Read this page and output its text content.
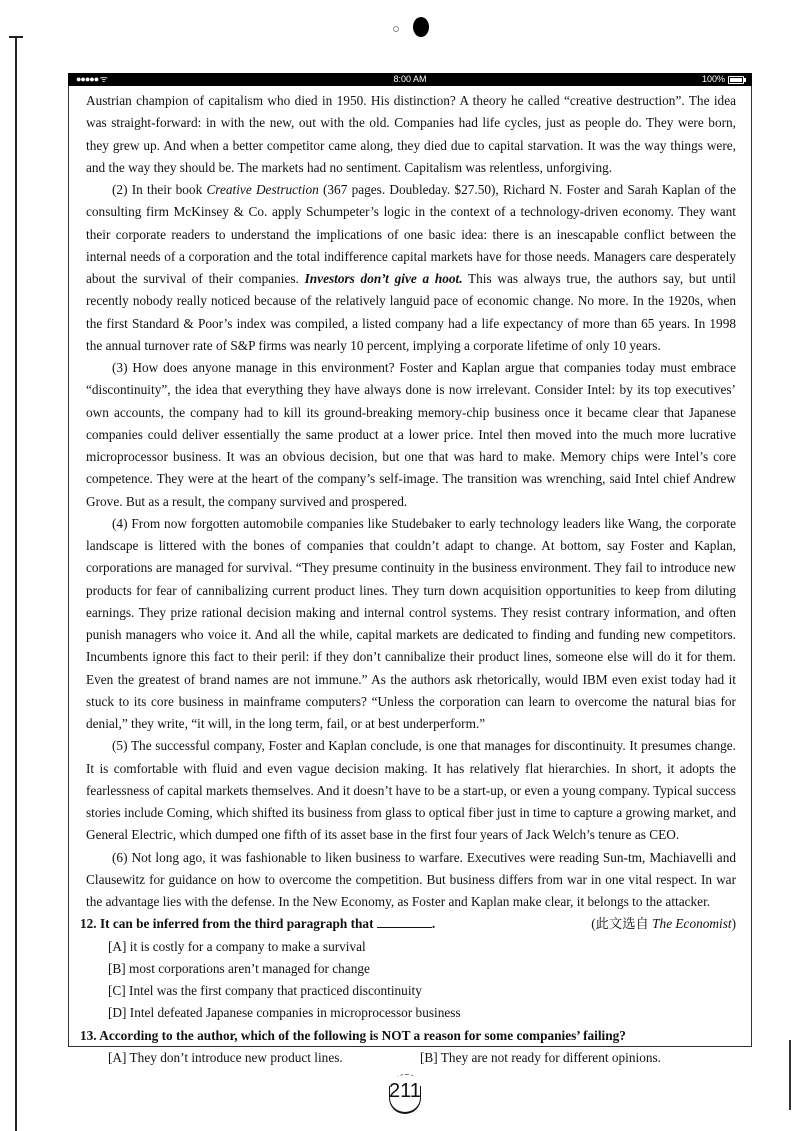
●●●●● ᯤ	8:00 AM	100%

Austrian champion of capitalism who died in 1950. His distinction? A theory he called “creative destruction”. The idea was straight-forward: in with the new, out with the old. Companies had life cycles, just as people do. They were born, they grew up. And when a better competitor came along, they died due to capital starvation. It was the way things were, and the way they should be. The markets had no sentiment. Capitalism was relentless, unforgiving.

(2) In their book Creative Destruction (367 pages. Doubleday. $27.50), Richard N. Foster and Sarah Kaplan of the consulting firm McKinsey & Co. apply Schumpeter’s logic in the context of a technology-driven economy. They want their corporate readers to understand the implications of one basic idea: there is an inescapable conflict between the internal needs of a corporation and the total indifference capital markets have for those needs. Managers care desperately about the survival of their companies. Investors don’t give a hoot. This was always true, the authors say, but until recently nobody really noticed because of the relatively languid pace of economic change. No more. In the 1920s, when the first Standard & Poor’s index was compiled, a listed company had a life expectancy of more than 65 years. In 1998 the annual turnover rate of S&P firms was nearly 10 percent, implying a corporate lifetime of only 10 years.

(3) How does anyone manage in this environment? Foster and Kaplan argue that companies today must embrace “discontinuity”, the idea that everything they have always done is now irrelevant. Consider Intel: by its top executives’ own accounts, the company had to kill its ground-breaking memory-chip business once it became clear that Japanese companies could deliver essentially the same product at a lower price. Intel then moved into the much more lucrative microprocessor business. It was an obvious decision, but one that was hard to make. Memory chips were Intel’s core competence. They were at the heart of the company’s self-image. The transition was wrenching, said Intel chief Andrew Grove. But as a result, the company survived and prospered.

(4) From now forgotten automobile companies like Studebaker to early technology leaders like Wang, the corporate landscape is littered with the bones of companies that couldn’t adapt to change. At bottom, say Foster and Kaplan, corporations are managed for survival. “They presume continuity in the business environment. They fail to introduce new products for fear of cannibalizing current product lines. They turn down acquisition opportunities to keep from diluting earnings. They prize rational decision making and internal control systems. They resist contrary information, and often punish managers who voice it. And all the while, capital markets are dedicated to finding and funding new competitors. Incumbents ignore this fact to their peril: if they don’t cannibalize their product lines, someone else will do it for them. Even the greatest of brand names are not immune.” As the authors ask rhetorically, would IBM even exist today had it stuck to its core business in mainframe computers? “Unless the corporation can learn to overcome the natural bias for denial,” they write, “it will, in the long term, fail, or at best underperform.”

(5) The successful company, Foster and Kaplan conclude, is one that manages for discontinuity. It presumes change. It is comfortable with fluid and even vague decision making. It has relatively flat hierarchies. In short, it adopts the fearlessness of capital markets themselves. And it doesn’t have to be a start-up, or even a young company. Typical success stories include Coming, which shifted its business from glass to optical fiber just in time to capture a growing market, and General Electric, which dumped one fifth of its asset base in the first four years of Jack Welch’s tenure as CEO.

(6) Not long ago, it was fashionable to liken business to warfare. Executives were reading Sun-tm, Machiavelli and Clausewitz for guidance on how to overcome the competition. But business differs from war in one vital respect. In war the advantage lies with the defense. In the New Economy, as Foster and Kaplan make clear, it belongs to the attacker.
(此文选自 The Economist)

12. It can be inferred from the third paragraph that	.
[A] it is costly for a company to make a survival
[B] most corporations aren’t managed for change
[C] Intel was the first company that practiced discontinuity
[D] Intel defeated Japanese companies in microprocessor business
13. According to the author, which of the following is NOT a reason for some companies’ failing?
[A] They don’t introduce new product lines.	[B] They are not ready for different opinions.
211
